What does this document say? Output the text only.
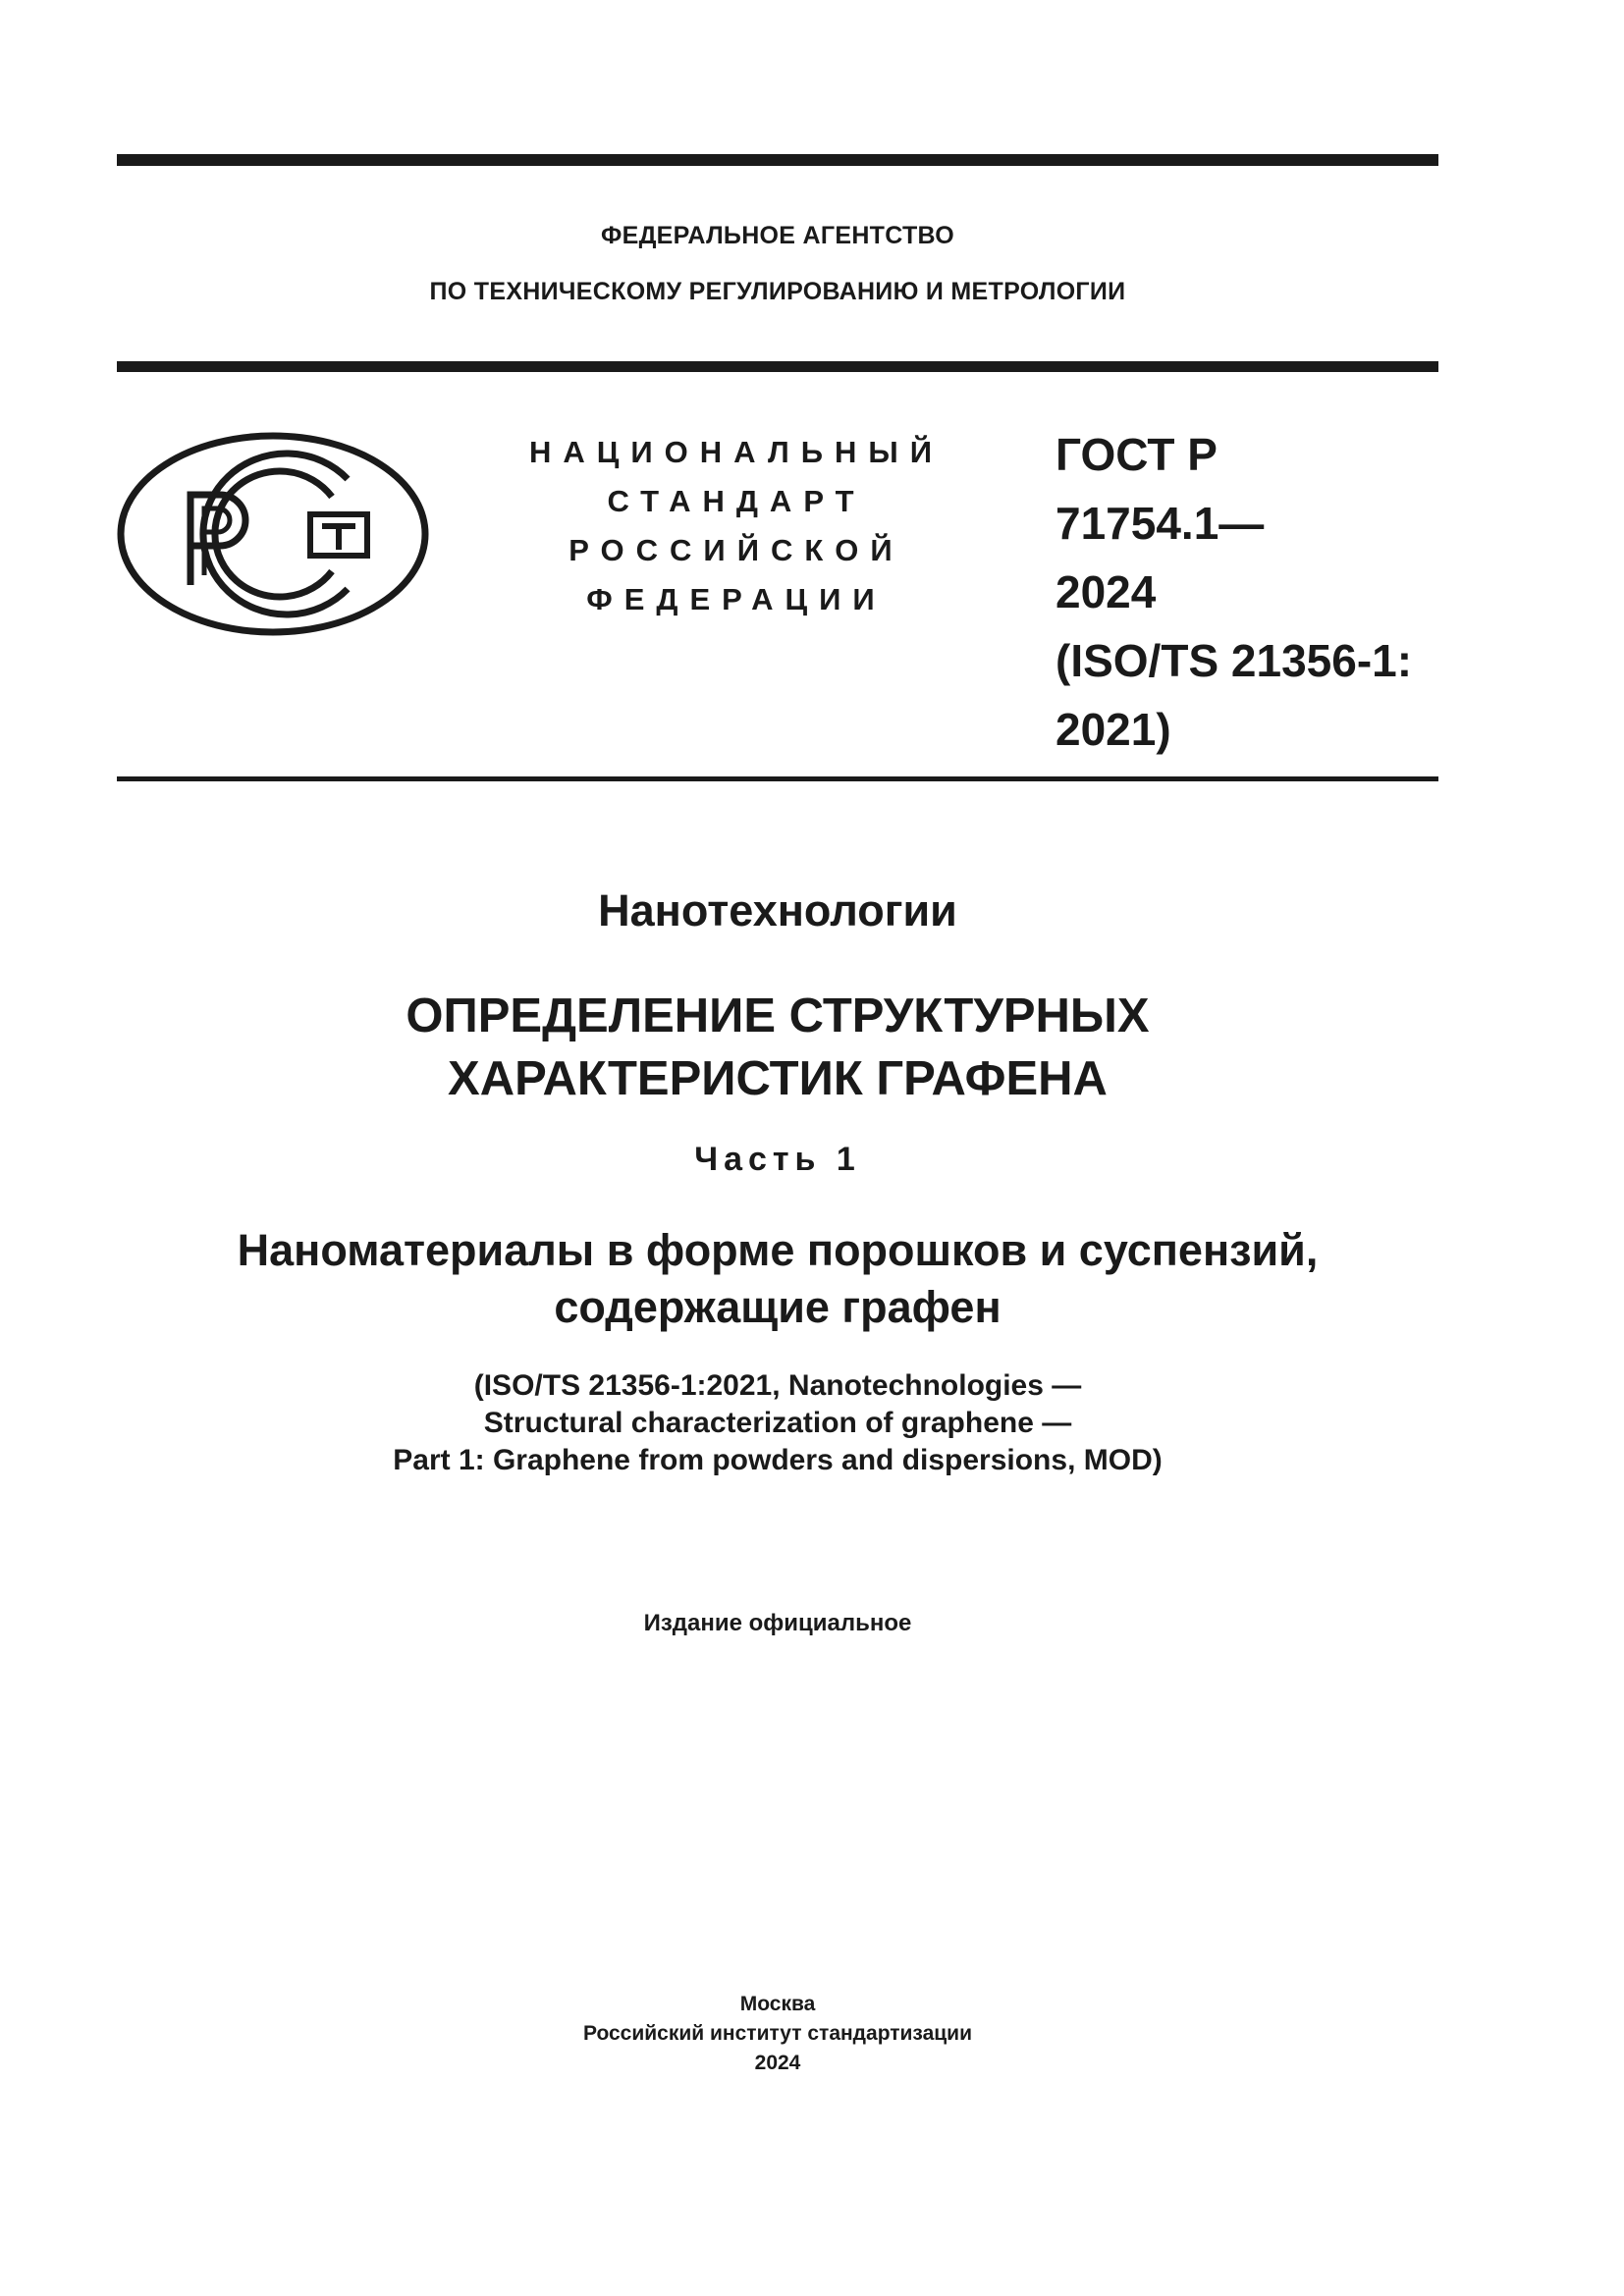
ФЕДЕРАЛЬНОЕ АГЕНТСТВО
ПО ТЕХНИЧЕСКОМУ РЕГУЛИРОВАНИЮ И МЕТРОЛОГИИ
НАЦИОНАЛЬНЫЙ
СТАНДАРТ
РОССИЙСКОЙ
ФЕДЕРАЦИИ
ГОСТ Р
71754.1—
2024
(ISO/TS 21356-1:
2021)
Нанотехнологии
ОПРЕДЕЛЕНИЕ СТРУКТУРНЫХ
ХАРАКТЕРИСТИК ГРАФЕНА
Часть 1
Наноматериалы в форме порошков и суспензий,
содержащие графен
(ISO/TS 21356-1:2021, Nanotechnologies —
Structural characterization of graphene —
Part 1: Graphene from powders and dispersions, MOD)
Издание официальное
Москва
Российский институт стандартизации
2024
